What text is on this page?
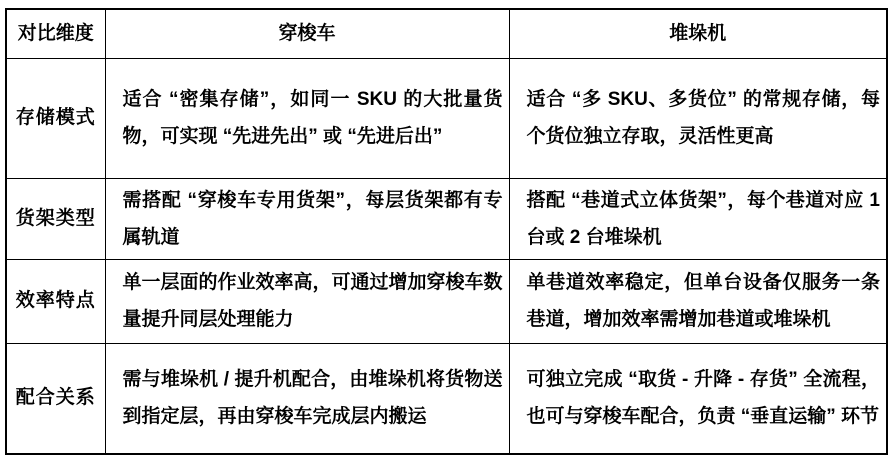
对比维度	穿梭车	堆垛机
存储模式	适合 “密集存储”，如同一 SKU 的大批量货物，可实现 “先进先出” 或 “先进后出”	适合 “多 SKU、多货位” 的常规存储，每个货位独立存取，灵活性更高
货架类型	需搭配 “穿梭车专用货架”，每层货架都有专属轨道	搭配 “巷道式立体货架”，每个巷道对应 1 台或 2 台堆垛机
效率特点	单一层面的作业效率高，可通过增加穿梭车数量提升同层处理能力	单巷道效率稳定，但单台设备仅服务一条巷道，增加效率需增加巷道或堆垛机
配合关系	需与堆垛机 / 提升机配合，由堆垛机将货物送到指定层，再由穿梭车完成层内搬运	可独立完成 “取货 - 升降 - 存货” 全流程，也可与穿梭车配合，负责 “垂直运输” 环节
